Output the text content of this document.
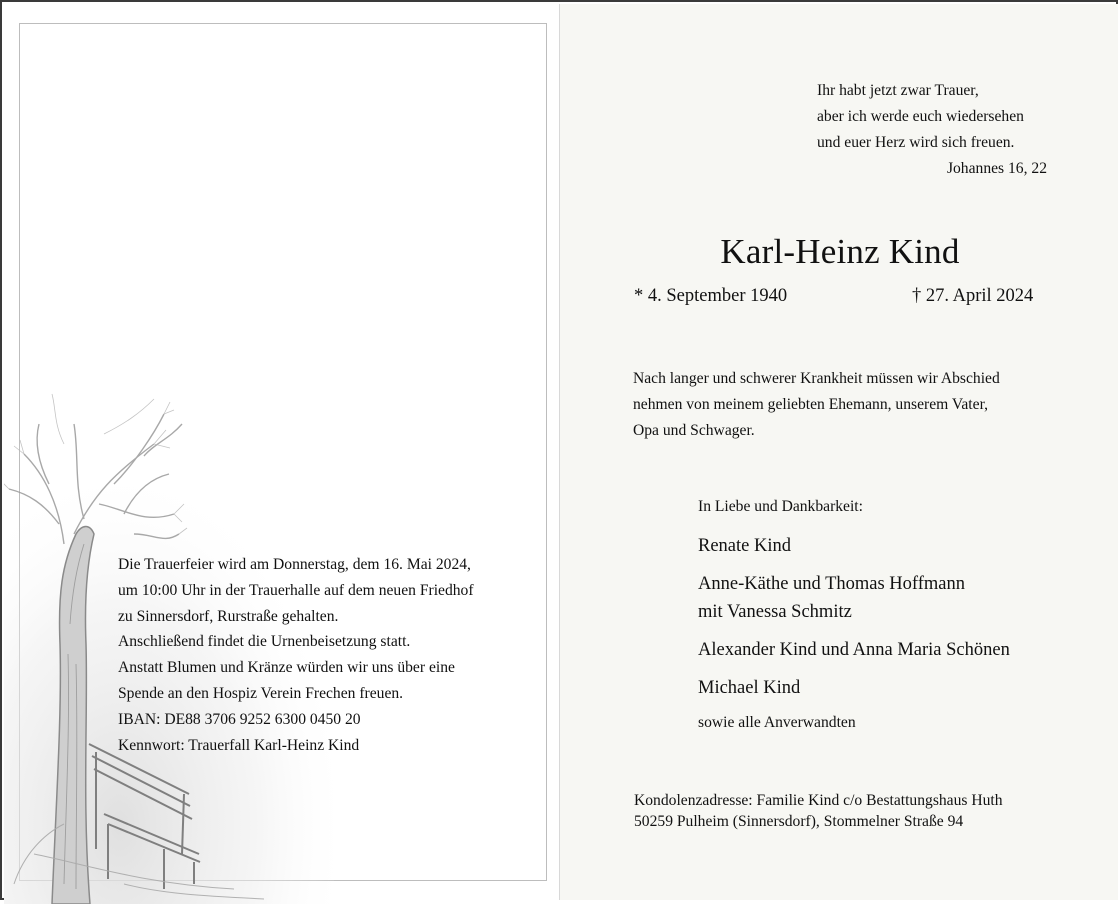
Die Trauerfeier wird am Donnerstag, dem 16. Mai 2024,

um 10:00 Uhr in der Trauerhalle auf dem neuen Friedhof

zu Sinnersdorf, Rurstraße gehalten.

Anschließend findet die Urnenbeisetzung statt.

Anstatt Blumen und Kränze würden wir uns über eine

Spende an den Hospiz Verein Frechen freuen.

IBAN: DE88 3706 9252 6300 0450 20

Kennwort: Trauerfall Karl-Heinz Kind

Ihr habt jetzt zwar Trauer,

aber ich werde euch wiedersehen

und euer Herz wird sich freuen.

Johannes 16, 22

Karl-Heinz Kind
* 4. September 1940	† 27. April 2024

Nach langer und schwerer Krankheit müssen wir Abschied

nehmen von meinem geliebten Ehemann, unserem Vater,

Opa und Schwager.

In Liebe und Dankbarkeit:

Renate Kind

Anne-Käthe und Thomas Hoffmann

mit Vanessa Schmitz

Alexander Kind und Anna Maria Schönen

Michael Kind

sowie alle Anverwandten

Kondolenzadresse: Familie Kind c/o Bestattungshaus Huth

50259 Pulheim (Sinnersdorf), Stommelner Straße 94
